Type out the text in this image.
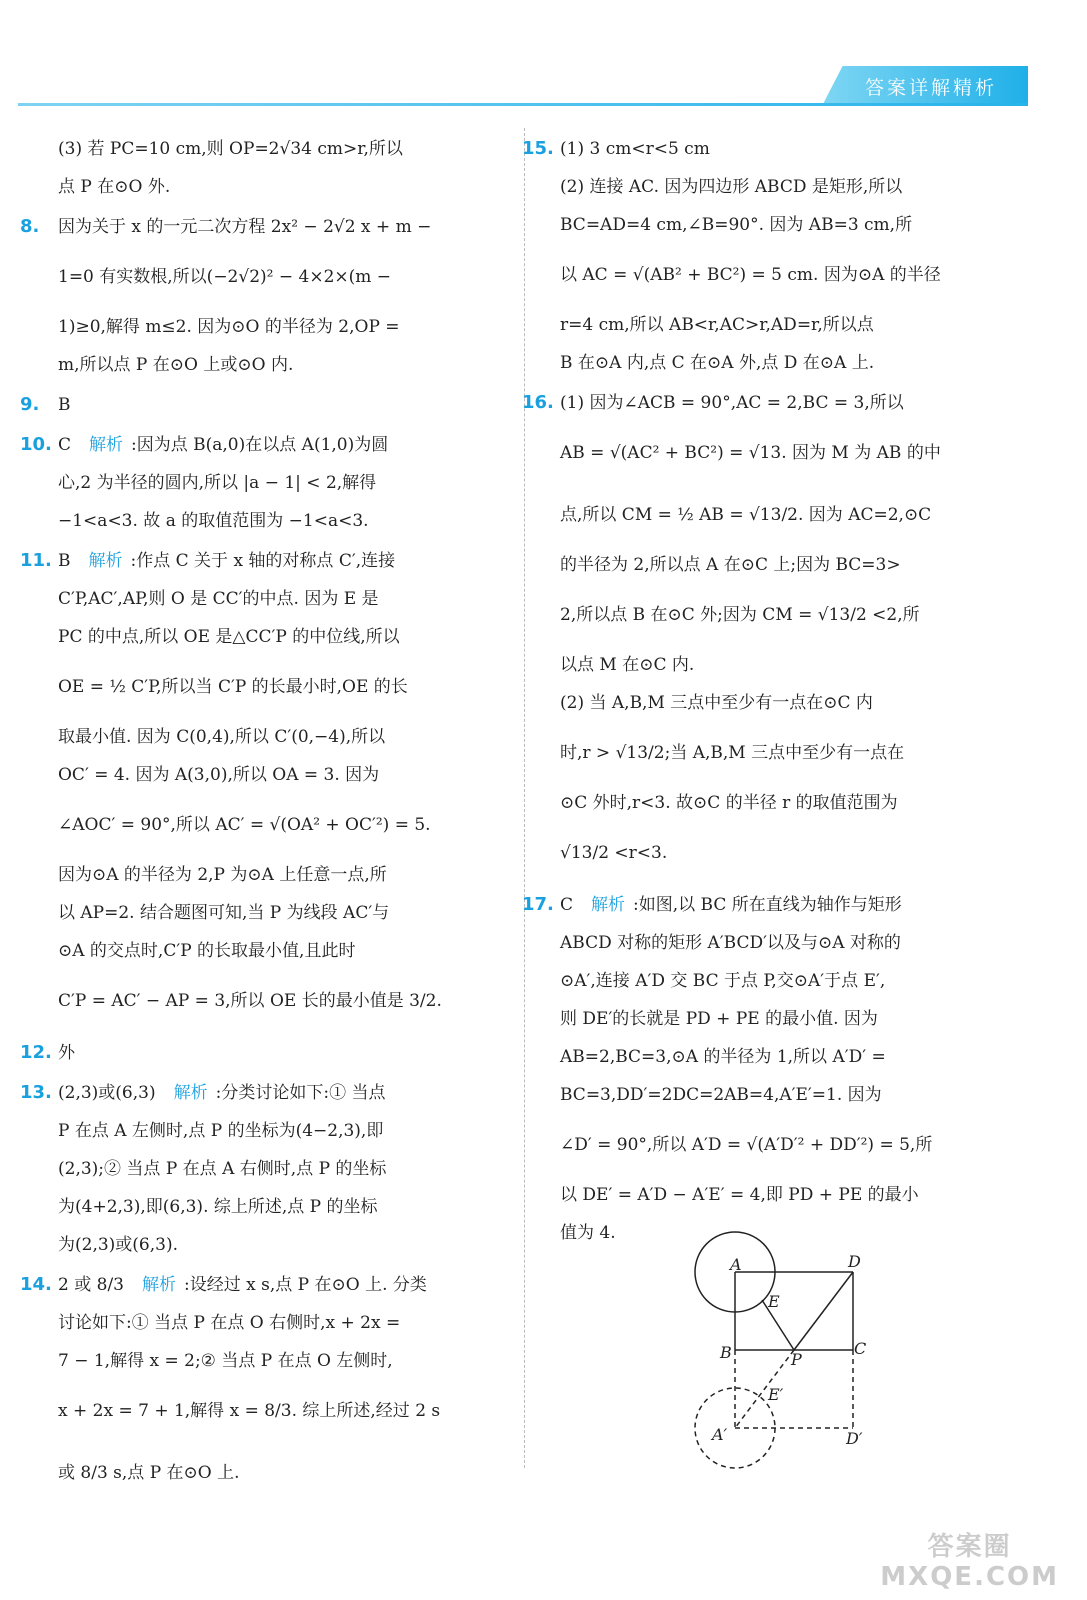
答案详解精析
(3) 若 PC=10 cm,则 OP=2√34 cm>r,所以
点 P 在⊙O 外.
8. 因为关于 x 的一元二次方程 2x² − 2√2 x + m −
1=0 有实数根,所以(−2√2)² − 4×2×(m −
1)≥0,解得 m≤2. 因为⊙O 的半径为 2,OP =
m,所以点 P 在⊙O 上或⊙O 内.
9. B
10. C 解析 :因为点 B(a,0)在以点 A(1,0)为圆
心,2 为半径的圆内,所以 |a − 1| < 2,解得
−1<a<3. 故 a 的取值范围为 −1<a<3.
11. B 解析 :作点 C 关于 x 轴的对称点 C′,连接
C′P,AC′,AP,则 O 是 CC′的中点. 因为 E 是
PC 的中点,所以 OE 是△CC′P 的中位线,所以
OE = ½ C′P,所以当 C′P 的长最小时,OE 的长
取最小值. 因为 C(0,4),所以 C′(0,−4),所以
OC′ = 4. 因为 A(3,0),所以 OA = 3. 因为
∠AOC′ = 90°,所以 AC′ = √(OA² + OC′²) = 5.
因为⊙A 的半径为 2,P 为⊙A 上任意一点,所
以 AP=2. 结合题图可知,当 P 为线段 AC′与
⊙A 的交点时,C′P 的长取最小值,且此时
C′P = AC′ − AP = 3,所以 OE 长的最小值是 3/2.
12. 外
13. (2,3)或(6,3) 解析 :分类讨论如下:① 当点
P 在点 A 左侧时,点 P 的坐标为(4−2,3),即
(2,3);② 当点 P 在点 A 右侧时,点 P 的坐标
为(4+2,3),即(6,3). 综上所述,点 P 的坐标
为(2,3)或(6,3).
14. 2 或 8/3 解析 :设经过 x s,点 P 在⊙O 上. 分类
讨论如下:① 当点 P 在点 O 右侧时,x + 2x =
7 − 1,解得 x = 2;② 当点 P 在点 O 左侧时,
x + 2x = 7 + 1,解得 x = 8/3. 综上所述,经过 2 s
或 8/3 s,点 P 在⊙O 上.
15. (1) 3 cm<r<5 cm
(2) 连接 AC. 因为四边形 ABCD 是矩形,所以
BC=AD=4 cm,∠B=90°. 因为 AB=3 cm,所
以 AC = √(AB² + BC²) = 5 cm. 因为⊙A 的半径
r=4 cm,所以 AB<r,AC>r,AD=r,所以点
B 在⊙A 内,点 C 在⊙A 外,点 D 在⊙A 上.
16. (1) 因为∠ACB = 90°,AC = 2,BC = 3,所以
AB = √(AC² + BC²) = √13. 因为 M 为 AB 的中
点,所以 CM = ½ AB = √13/2. 因为 AC=2,⊙C
的半径为 2,所以点 A 在⊙C 上;因为 BC=3>
2,所以点 B 在⊙C 外;因为 CM = √13/2 <2,所
以点 M 在⊙C 内.
(2) 当 A,B,M 三点中至少有一点在⊙C 内
时,r > √13/2;当 A,B,M 三点中至少有一点在
⊙C 外时,r<3. 故⊙C 的半径 r 的取值范围为
√13/2 <r<3.
17. C 解析 :如图,以 BC 所在直线为轴作与矩形
ABCD 对称的矩形 A′BCD′以及与⊙A 对称的
⊙A′,连接 A′D 交 BC 于点 P,交⊙A′于点 E′,
则 DE′的长就是 PD + PE 的最小值. 因为
AB=2,BC=3,⊙A 的半径为 1,所以 A′D′ =
BC=3,DD′=2DC=2AB=4,A′E′=1. 因为
∠D′ = 90°,所以 A′D = √(A′D′² + DD′²) = 5,所
以 DE′ = A′D − A′E′ = 4,即 PD + PE 的最小
值为 4.
A	D
E
B	P
C
E′
A′	D′
答案圈
MXQE.COM
